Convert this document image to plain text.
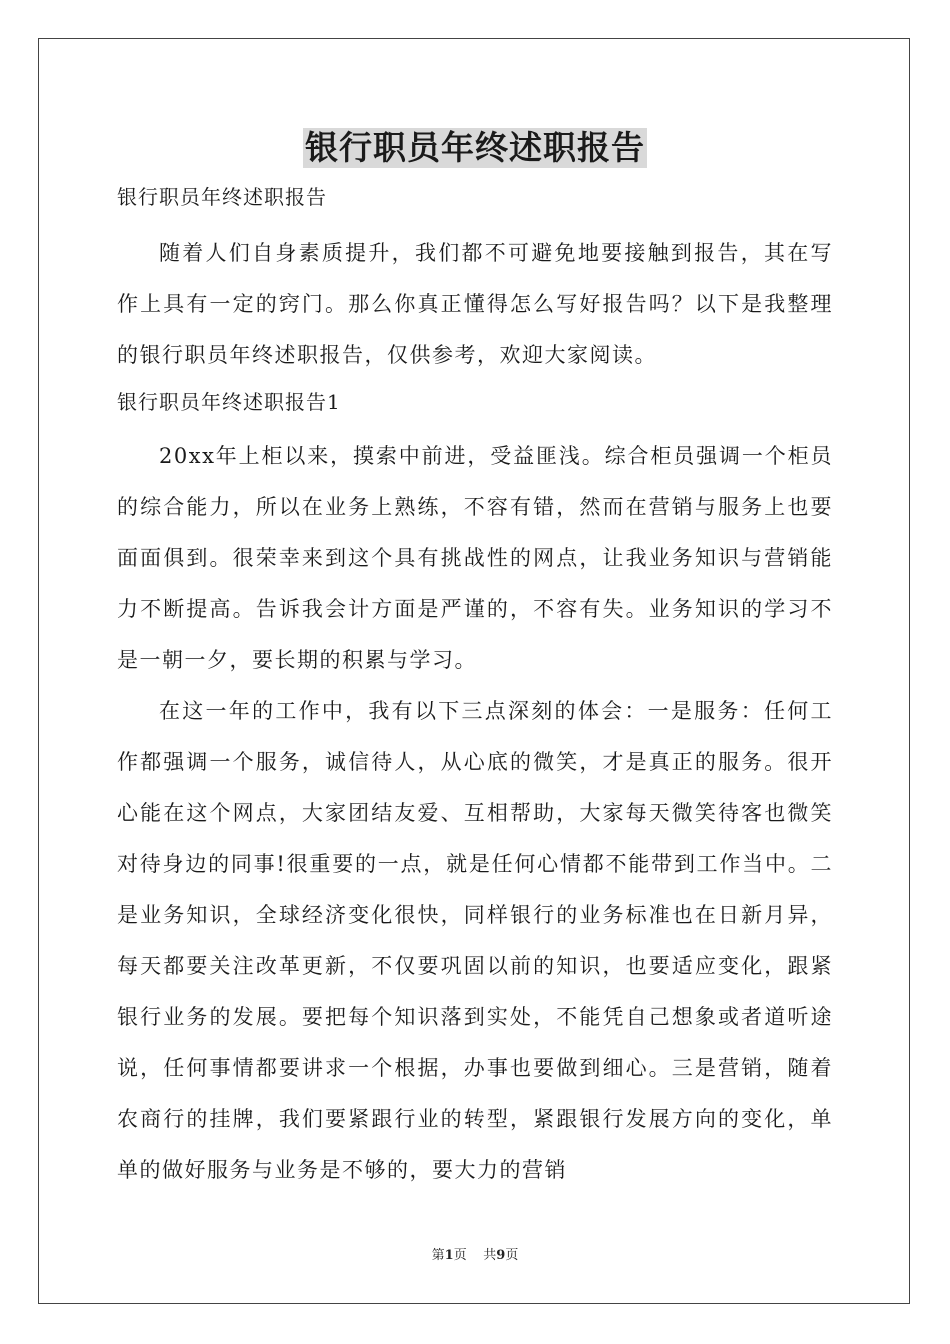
银行职员年终述职报告

银行职员年终述职报告

随着人们自身素质提升，我们都不可避免地要接触到报告，其在写作上具有一定的窍门。那么你真正懂得怎么写好报告吗？以下是我整理的银行职员年终述职报告，仅供参考，欢迎大家阅读。

银行职员年终述职报告1

20xx年上柜以来，摸索中前进，受益匪浅。综合柜员强调一个柜员的综合能力，所以在业务上熟练，不容有错，然而在营销与服务上也要面面俱到。很荣幸来到这个具有挑战性的网点，让我业务知识与营销能力不断提高。告诉我会计方面是严谨的，不容有失。业务知识的学习不是一朝一夕，要长期的积累与学习。

在这一年的工作中，我有以下三点深刻的体会：一是服务：任何工作都强调一个服务，诚信待人，从心底的微笑，才是真正的服务。很开心能在这个网点，大家团结友爱、互相帮助，大家每天微笑待客也微笑对待身边的同事!很重要的一点，就是任何心情都不能带到工作当中。二是业务知识，全球经济变化很快，同样银行的业务标准也在日新月异，每天都要关注改革更新，不仅要巩固以前的知识，也要适应变化，跟紧银行业务的发展。要把每个知识落到实处，不能凭自己想象或者道听途说，任何事情都要讲求一个根据，办事也要做到细心。三是营销，随着农商行的挂牌，我们要紧跟行业的转型，紧跟银行发展方向的变化，单单的做好服务与业务是不够的，要大力的营销

第1页 共9页
